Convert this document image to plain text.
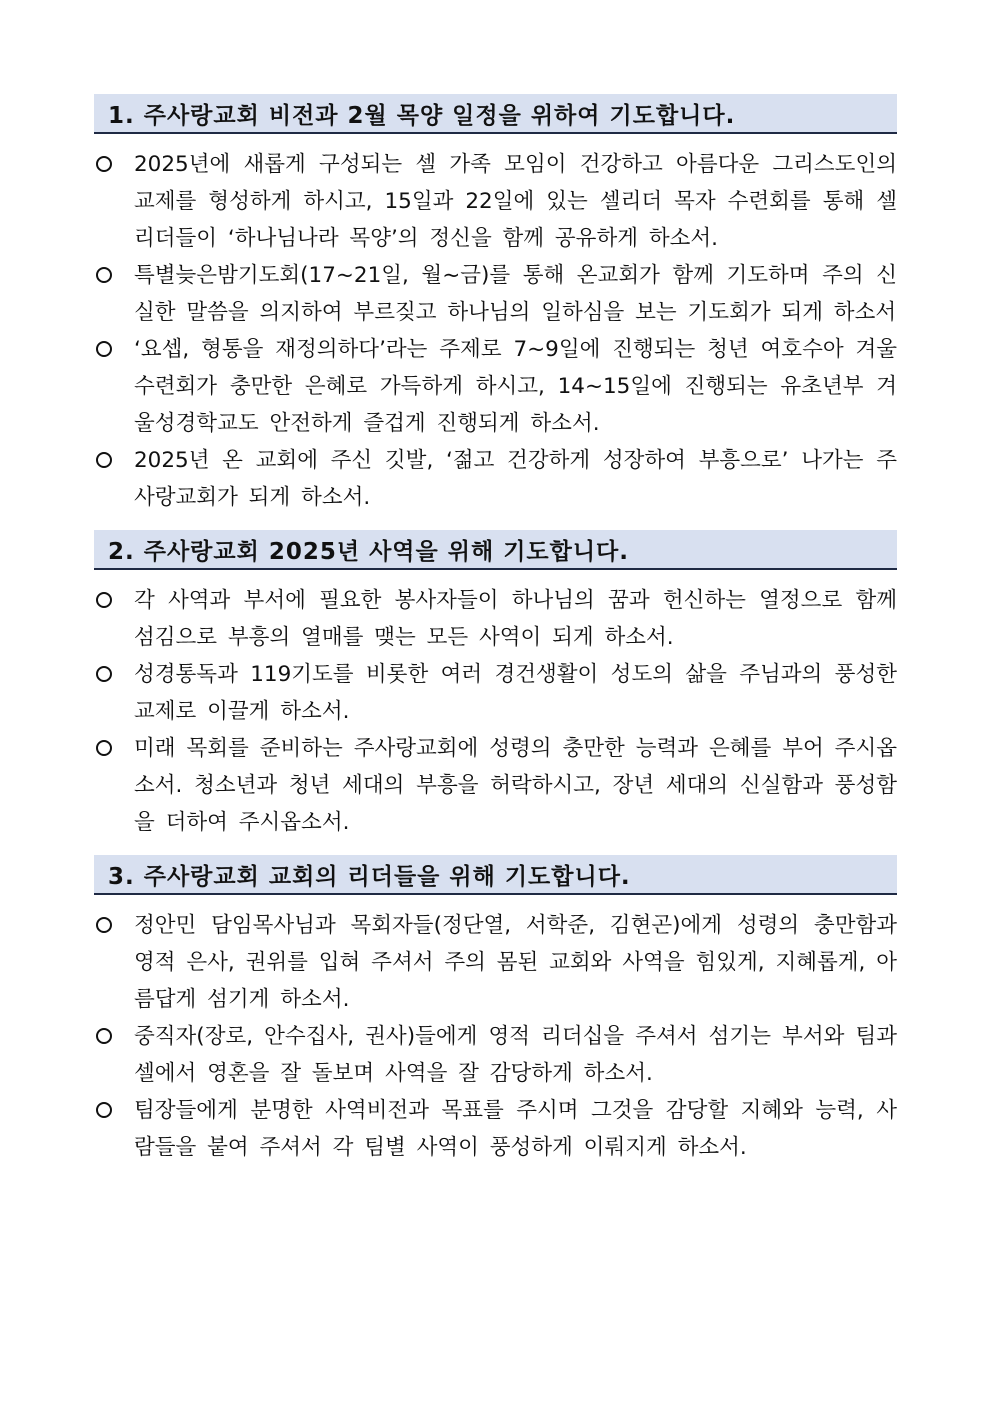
1. 주사랑교회 비전과 2월 목양 일정을 위하여 기도합니다.
2025년에 새롭게 구성되는 셀 가족 모임이 건강하고 아름다운 그리스도인의 교제를 형성하게 하시고, 15일과 22일에 있는 셀리더 목자 수련회를 통해 셀리더들이 ‘하나님나라 목양’의 정신을 함께 공유하게 하소서.
특별늦은밤기도회(17~21일, 월~금)를 통해 온교회가 함께 기도하며 주의 신실한 말씀을 의지하여 부르짖고 하나님의 일하심을 보는 기도회가 되게 하소서
‘요셉, 형통을 재정의하다’라는 주제로 7~9일에 진행되는 청년 여호수아 겨울 수련회가 충만한 은혜로 가득하게 하시고, 14~15일에 진행되는 유초년부 겨울성경학교도 안전하게 즐겁게 진행되게 하소서.
2025년 온 교회에 주신 깃발, ‘젊고 건강하게 성장하여 부흥으로’ 나가는 주사랑교회가 되게 하소서.
2. 주사랑교회 2025년 사역을 위해 기도합니다.
각 사역과 부서에 필요한 봉사자들이 하나님의 꿈과 헌신하는 열정으로 함께 섬김으로 부흥의 열매를 맺는 모든 사역이 되게 하소서.
성경통독과 119기도를 비롯한 여러 경건생활이 성도의 삶을 주님과의 풍성한 교제로 이끌게 하소서.
미래 목회를 준비하는 주사랑교회에 성령의 충만한 능력과 은혜를 부어 주시옵소서. 청소년과 청년 세대의 부흥을 허락하시고, 장년 세대의 신실함과 풍성함을 더하여 주시옵소서.
3. 주사랑교회 교회의 리더들을 위해 기도합니다.
정안민 담임목사님과 목회자들(정단열, 서학준, 김현곤)에게 성령의 충만함과 영적 은사, 권위를 입혀 주셔서 주의 몸된 교회와 사역을 힘있게, 지혜롭게, 아름답게 섬기게 하소서.
중직자(장로, 안수집사, 권사)들에게 영적 리더십을 주셔서 섬기는 부서와 팀과 셀에서 영혼을 잘 돌보며 사역을 잘 감당하게 하소서.
팀장들에게 분명한 사역비전과 목표를 주시며 그것을 감당할 지혜와 능력, 사람들을 붙여 주셔서 각 팀별 사역이 풍성하게 이뤄지게 하소서.
